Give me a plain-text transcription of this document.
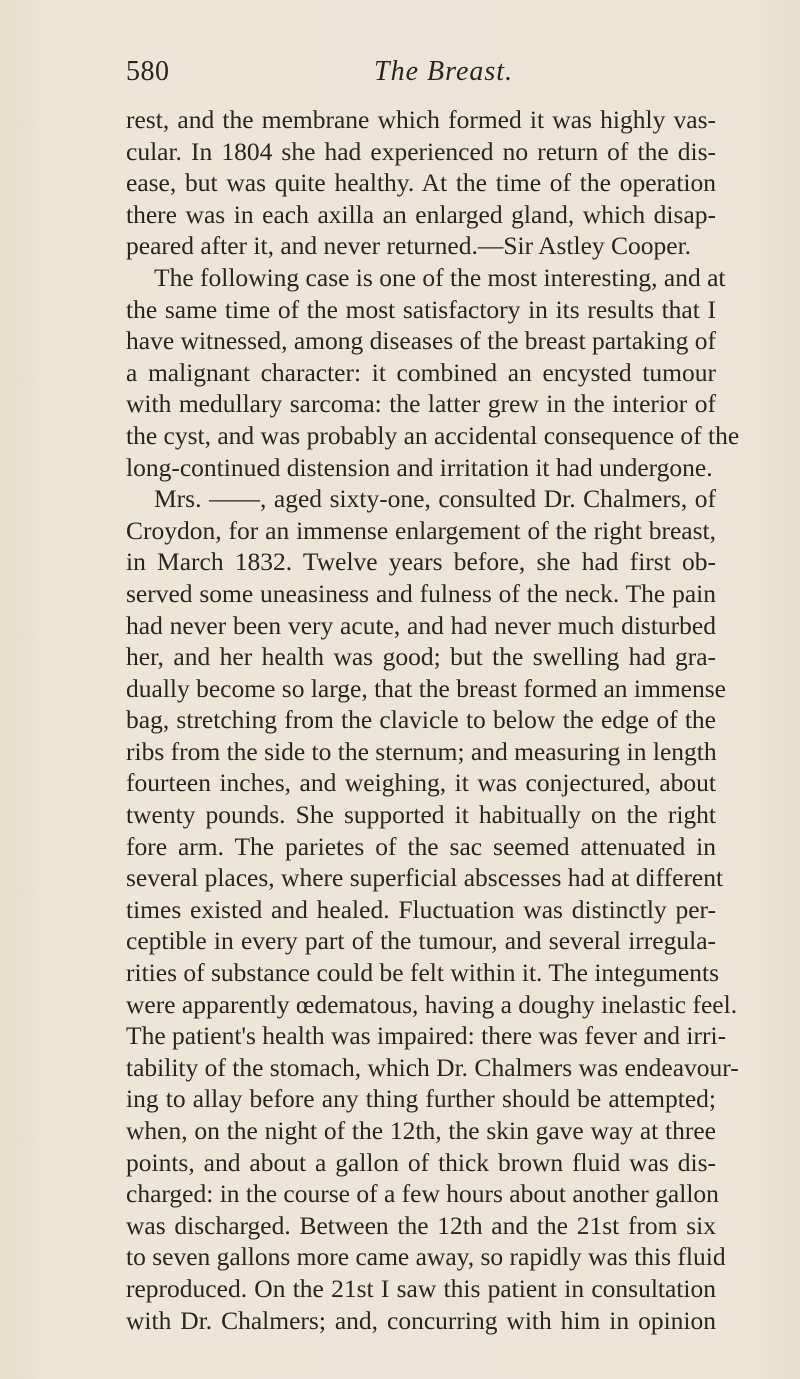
580	The Breast.
rest, and the membrane which formed it was highly vas-
cular. In 1804 she had experienced no return of the dis-
ease, but was quite healthy. At the time of the operation
there was in each axilla an enlarged gland, which disap-
peared after it, and never returned.—Sir Astley Cooper.
The following case is one of the most interesting, and at
the same time of the most satisfactory in its results that I
have witnessed, among diseases of the breast partaking of
a malignant character: it combined an encysted tumour
with medullary sarcoma: the latter grew in the interior of
the cyst, and was probably an accidental consequence of the
long-continued distension and irritation it had undergone.
Mrs. ——, aged sixty-one, consulted Dr. Chalmers, of
Croydon, for an immense enlargement of the right breast,
in March 1832. Twelve years before, she had first ob-
served some uneasiness and fulness of the neck. The pain
had never been very acute, and had never much disturbed
her, and her health was good; but the swelling had gra-
dually become so large, that the breast formed an immense
bag, stretching from the clavicle to below the edge of the
ribs from the side to the sternum; and measuring in length
fourteen inches, and weighing, it was conjectured, about
twenty pounds. She supported it habitually on the right
fore arm. The parietes of the sac seemed attenuated in
several places, where superficial abscesses had at different
times existed and healed. Fluctuation was distinctly per-
ceptible in every part of the tumour, and several irregula-
rities of substance could be felt within it. The integuments
were apparently œdematous, having a doughy inelastic feel.
The patient's health was impaired: there was fever and irri-
tability of the stomach, which Dr. Chalmers was endeavour-
ing to allay before any thing further should be attempted;
when, on the night of the 12th, the skin gave way at three
points, and about a gallon of thick brown fluid was dis-
charged: in the course of a few hours about another gallon
was discharged. Between the 12th and the 21st from six
to seven gallons more came away, so rapidly was this fluid
reproduced. On the 21st I saw this patient in consultation
with Dr. Chalmers; and, concurring with him in opinion
